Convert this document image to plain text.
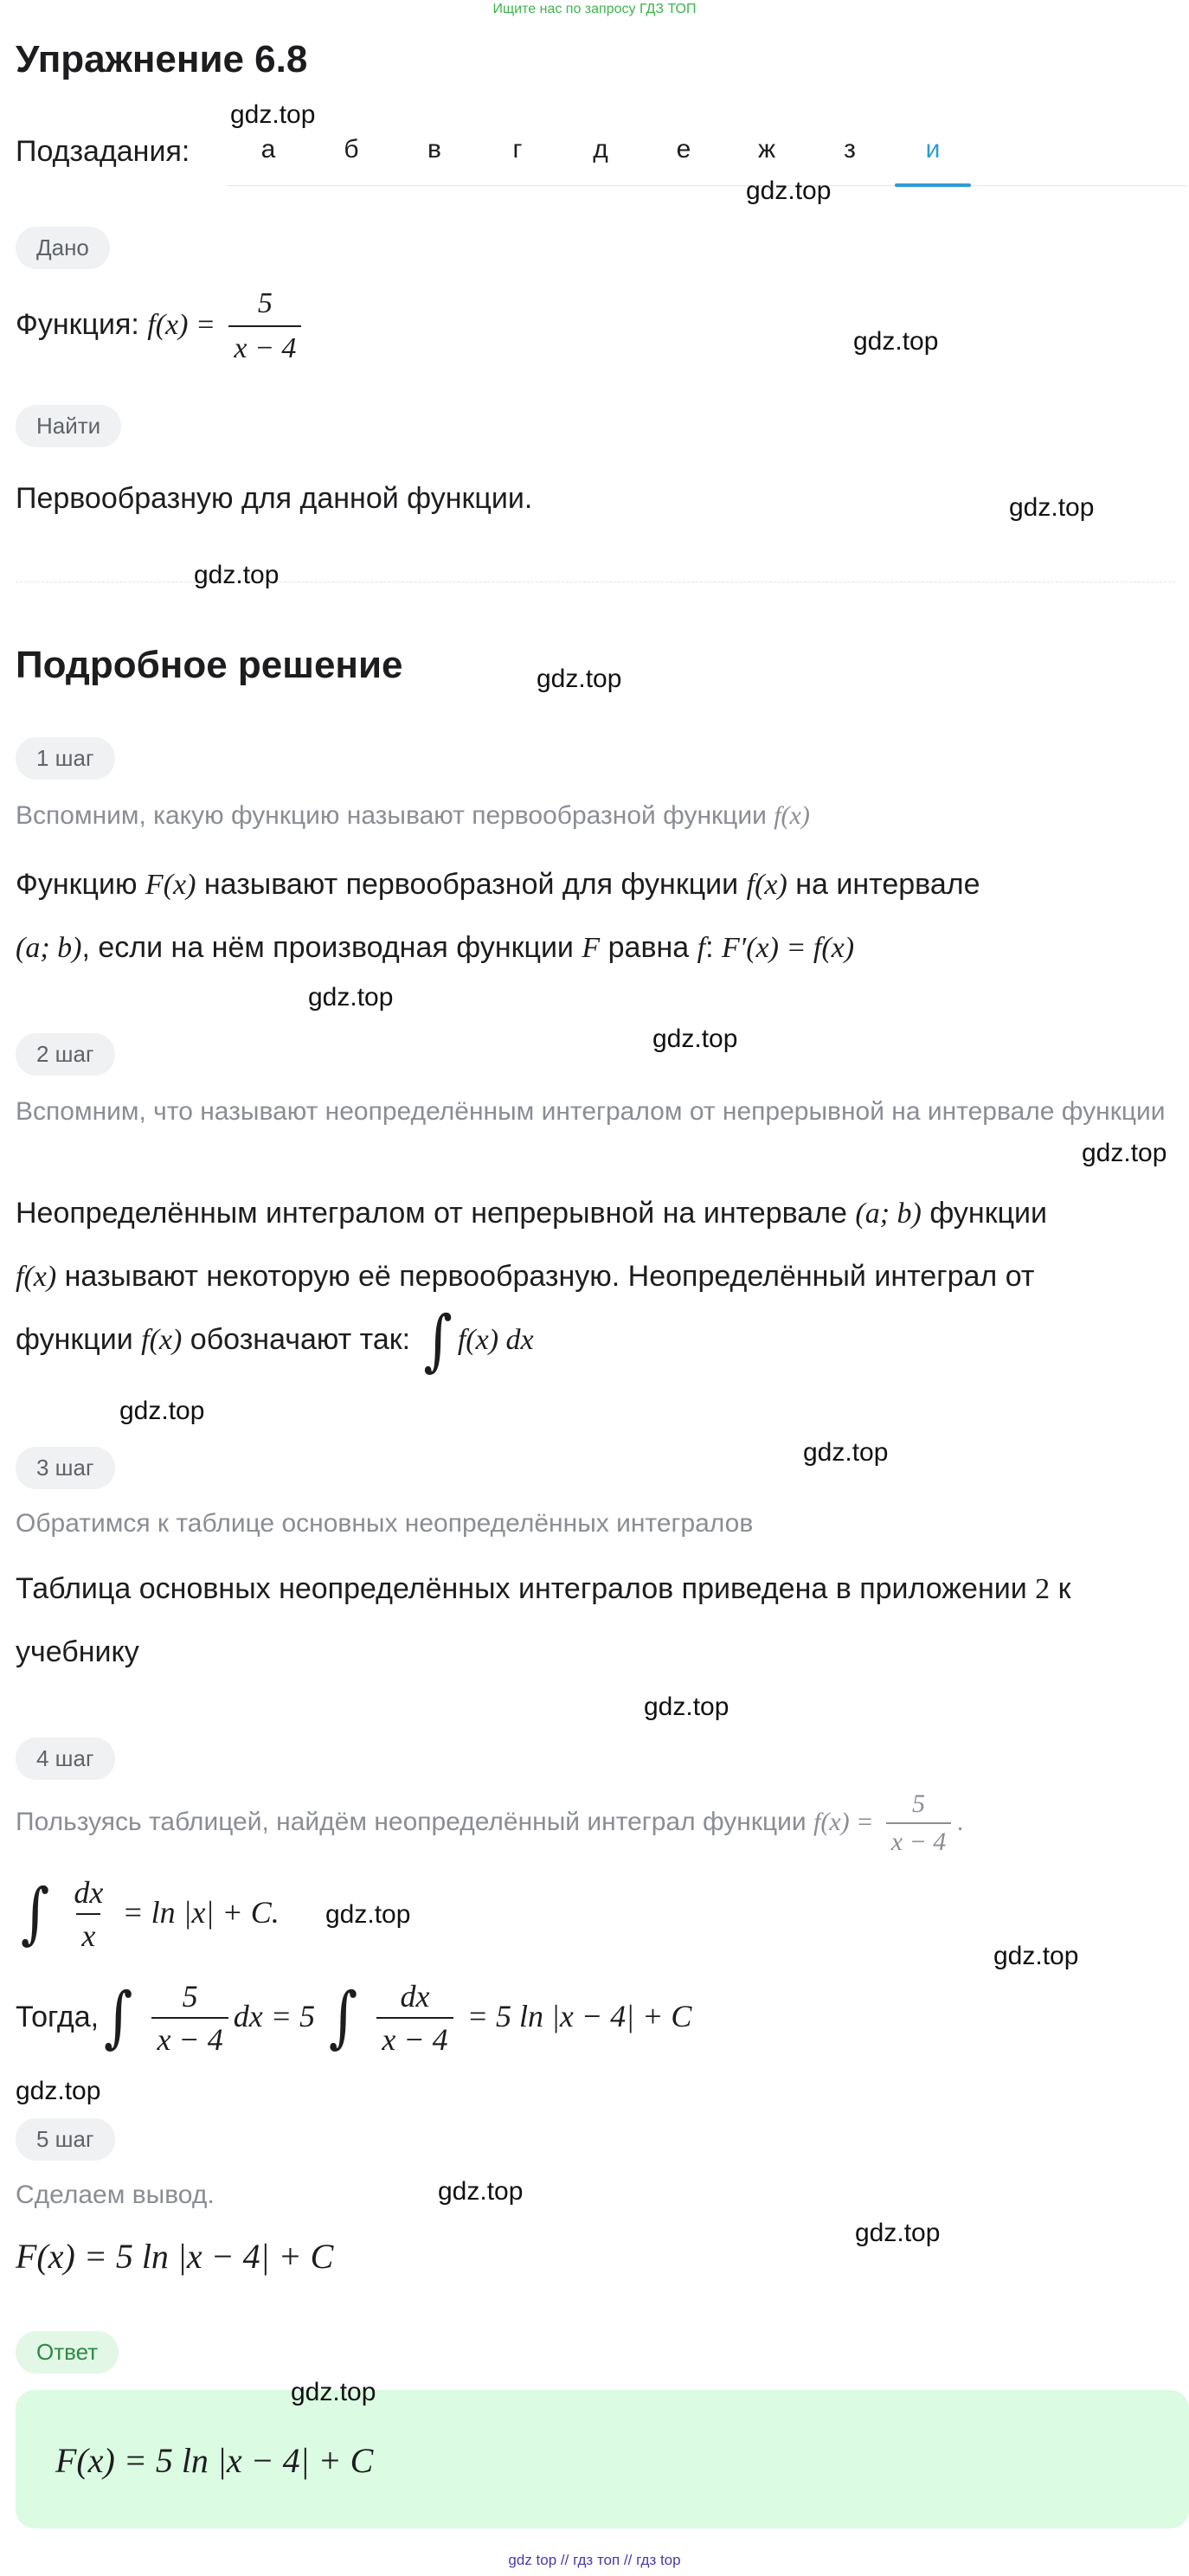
Ищите нас по запросу ГДЗ ТОП
Упражнение 6.8
Подзадания:	а	б	в	г	д	е	ж	з	и
Дано
Функция: $f(x) = \frac{5}{x - 4}$
Найти
Первообразную для данной функции.
Подробное решение
1 шаг
Вспомним, какую функцию называют первообразной функции f(x)
Функцию F(x) называют первообразной для функции f(x) на интервале
(a; b), если на нём производная функции F равна f: F′(x) = f(x)
2 шаг
Вспомним, что называют неопределённым интегралом от непрерывной на интервале функции
Неопределённым интегралом от непрерывной на интервале (a; b) функции
f(x) называют некоторую её первообразную. Неопределённый интеграл от
функции f(x) обозначают так: ∫ f(x) dx
3 шаг
Обратимся к таблице основных неопределённых интегралов
Таблица основных неопределённых интегралов приведена в приложении 2 к
учебнику
4 шаг
Пользуясь таблицей, найдём неопределённый интеграл функции $f(x) = \frac{5}{x - 4}$ .
∫ $\frac{dx}{x} = \ln |x| + C$.
Тогда,∫ $\frac{5}{x - 4}$ dx = 5 ∫ $\frac{dx}{x - 4} = 5$ ln |x − 4| + C
5 шаг
Сделаем вывод.
F(x) = 5 ln |x − 4| + C
Ответ
F(x) = 5 ln |x − 4| + C
gdz.top
gdz.top
gdz.top
gdz.top
gdz.top
gdz.top
gdz.top
gdz.top
gdz.top
gdz.top
gdz.top
gdz.top
gdz.top
gdz.top
gdz.top
gdz.top
gdz.top
gdz.top
gdz top // гдз топ // гдз top
